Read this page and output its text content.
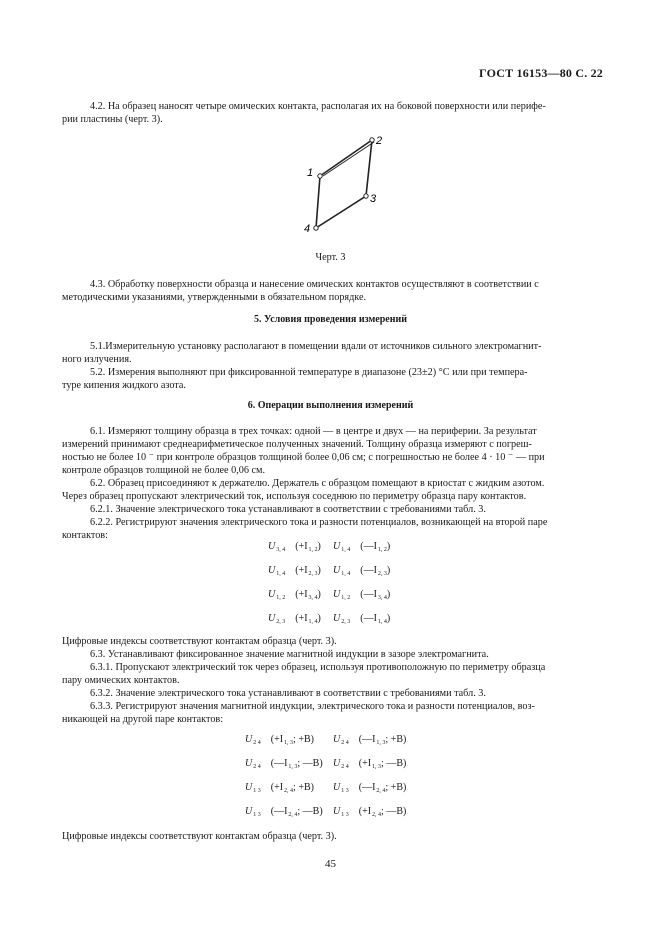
ГОСТ 16153—80 С. 22

4.2. На образец наносят четыре омических контакта, располагая их на боковой поверхности или перифе-

рии пластины (черт. 3).

1
2
3
4
Черт. 3

4.3. Обработку поверхности образца и нанесение омических контактов осуществляют в соответствии с

методическими указаниями, утвержденными в обязательном порядке.

5. Условия проведения измерений

5.1.Измерительную установку располагают в помещении вдали от источников сильного электромагнит-

ного излучения.

5.2. Измерения выполняют при фиксированной температуре в диапазоне (23±2) °С или при темпера-

туре кипения жидкого азота.

6. Операции выполнения измерений

6.1. Измеряют толщину образца в трех точках: одной — в центре и двух — на периферии. За результат

измерений принимают среднеарифметическое полученных значений. Толщину образца измеряют с погреш-

ностью не более 10 ⁻ при контроле образцов толщиной более 0,06 см; с погрешностью не более 4 · 10 ⁻ — при

контроле образцов толщиной не более 0,06 см.

6.2. Образец присоединяют к держателю. Держатель с образцом помещают в криостат с жидким азотом.

Через образец пропускают электрический ток, используя соседнюю по периметру образца пару контактов.

6.2.1. Значение электрического тока устанавливают в соответствии с требованиями табл. 3.

6.2.2. Регистрируют значения электрического тока и разности потенциалов, возникающей на второй паре

контактов:

$U_{3, 4}$ $(+I_{1, 2})$ $U_{1, 4}$ $(—I_{1, 2})$
$U_{1, 4}$ $(+I_{2, 3})$ $U_{1, 4}$ $(—I_{2, 3})$
$U_{1, 2}$ $(+I_{3, 4})$ $U_{1, 2}$ $(—I_{3, 4})$
$U_{2, 3}$ $(+I_{1, 4})$ $U_{2, 3}$ $(—I_{1, 4})$
Цифровые индексы соответствуют контактам образца (черт. 3).
6.3. Устанавливают фиксированное значение магнитной индукции в зазоре электромагнита.

6.3.1. Пропускают электрический ток через образец, используя противоположную по периметру образца

пару омических контактов.

6.3.2. Значение электрического тока устанавливают в соответствии с требованиями табл. 3.

6.3.3. Регистрируют значения магнитной индукции, электрического тока и разности потенциалов, воз-

никающей на другой паре контактов:

$U_{2 4}$ ($+I_{1, 3}$; +B) $U_{2 4}$ ($—I_{1, 3}$; +B)
$U_{2 4}$ ($—I_{1, 3}$; —B) $U_{2 4}$ ($+I_{1, 3}$; —B)
$U_{1 3}$ ($+I_{2, 4}$; +B) $U_{1 3}$ ($—I_{2, 4}$; +B)
$U_{1 3}$ ($—I_{2, 4}$; —B) $U_{1 3}$ ($+I_{2, 4}$; —B)
Цифровые индексы соответствуют контактам образца (черт. 3).
45
